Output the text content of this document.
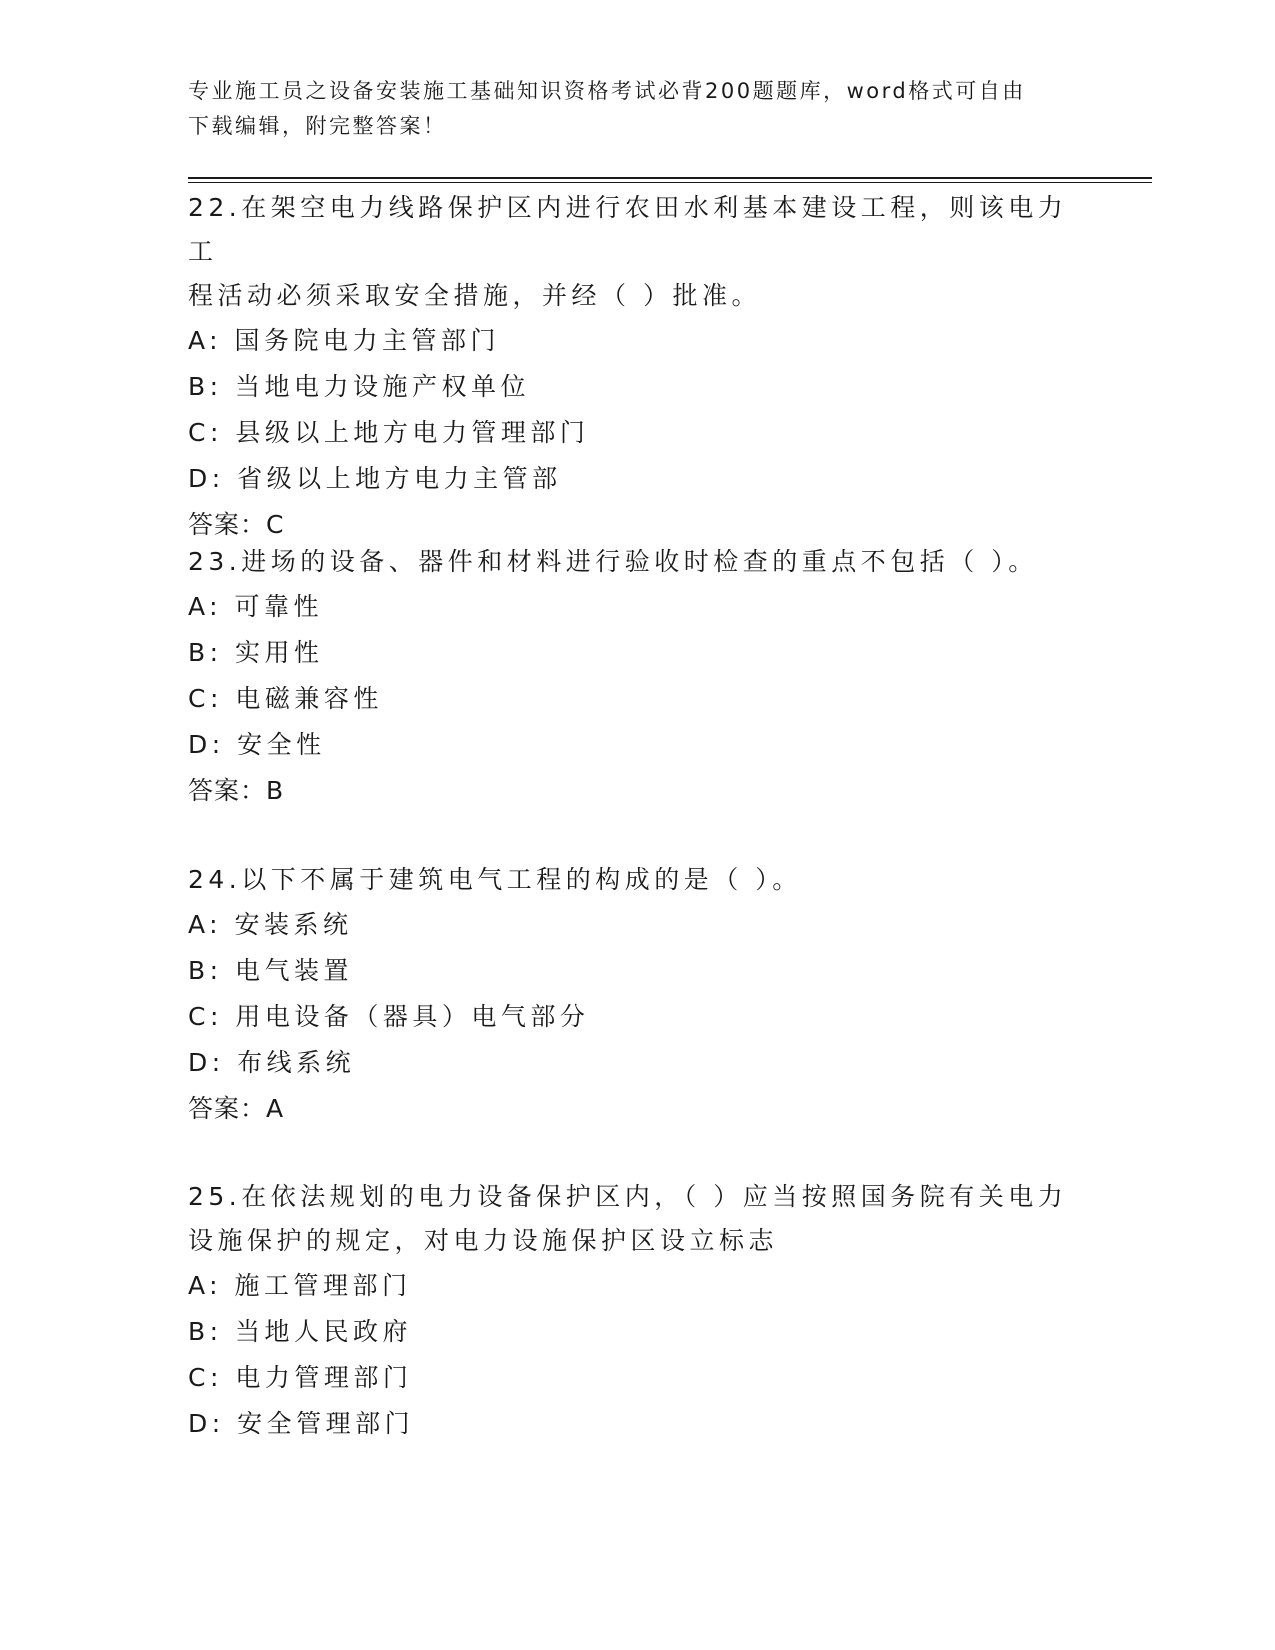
专业施工员之设备安装施工基础知识资格考试必背200题题库，word格式可自由
下载编辑，附完整答案！

22.在架空电力线路保护区内进行农田水利基本建设工程，则该电力工

程活动必须采取安全措施，并经（ ）批准。

A: 国务院电力主管部门

B: 当地电力设施产权单位

C: 县级以上地方电力管理部门

D: 省级以上地方电力主管部

答案：C

23.进场的设备、器件和材料进行验收时检查的重点不包括（ ）。

A: 可靠性

B: 实用性

C: 电磁兼容性

D: 安全性

答案：B

24.以下不属于建筑电气工程的构成的是（ ）。

A: 安装系统

B: 电气装置

C: 用电设备（器具）电气部分

D: 布线系统

答案：A

25.在依法规划的电力设备保护区内，（ ）应当按照国务院有关电力

设施保护的规定，对电力设施保护区设立标志

A: 施工管理部门

B: 当地人民政府

C: 电力管理部门

D: 安全管理部门
